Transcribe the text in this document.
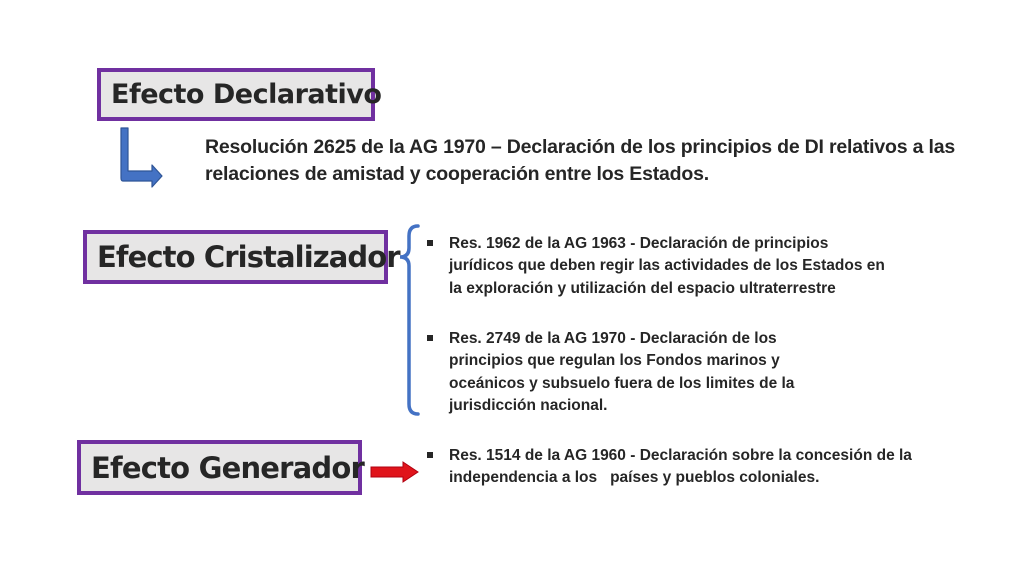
Efecto Declarativo
Resolución 2625 de la AG 1970 – Declaración de los principios de DI relativos a las relaciones de amistad y cooperación entre los Estados.
Efecto Cristalizador	Res. 1962 de la AG 1963 - Declaración de principios jurídicos que deben regir las actividades de los Estados en la exploración y utilización del espacio ultraterrestre
Res. 2749 de la AG 1970 - Declaración de los principios que regulan los Fondos marinos y oceánicos y subsuelo fuera de los limites de la jurisdicción nacional.
Efecto Generador	Res. 1514 de la AG 1960 - Declaración sobre la concesión de la independencia a los   países y pueblos coloniales.
